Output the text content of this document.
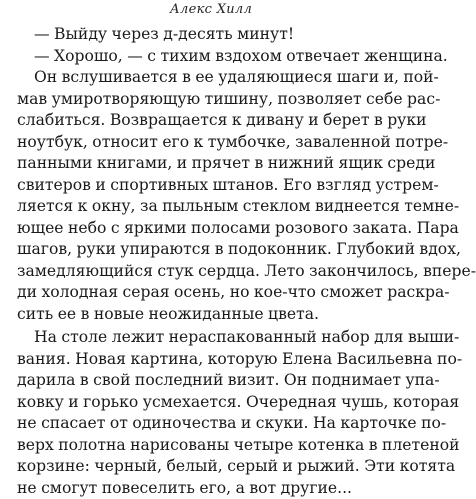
Алекс Хилл
— Выйду через д-десять минут!
— Хорошо, — с тихим вздохом отвечает женщина.
Он вслушивается в ее удаляющиеся шаги и, пой-
мав умиротворяющую тишину, позволяет себе рас-
слабиться. Возвращается к дивану и берет в руки
ноутбук, относит его к тумбочке, заваленной потре-
панными книгами, и прячет в нижний ящик среди
свитеров и спортивных штанов. Его взгляд устрем-
ляется к окну, за пыльным стеклом виднеется темне-
ющее небо с яркими полосами розового заката. Пара
шагов, руки упираются в подоконник. Глубокий вдох,
замедляющийся стук сердца. Лето закончилось, впере-
ди холодная серая осень, но кое-что сможет раскра-
сить ее в новые неожиданные цвета.
На столе лежит нераспакованный набор для выши-
вания. Новая картина, которую Елена Васильевна по-
дарила в свой последний визит. Он поднимает упа-
ковку и горько усмехается. Очередная чушь, которая
не спасает от одиночества и скуки. На карточке по-
верх полотна нарисованы четыре котенка в плетеной
корзине: черный, белый, серый и рыжий. Эти котята
не смогут повеселить его, а вот другие...
